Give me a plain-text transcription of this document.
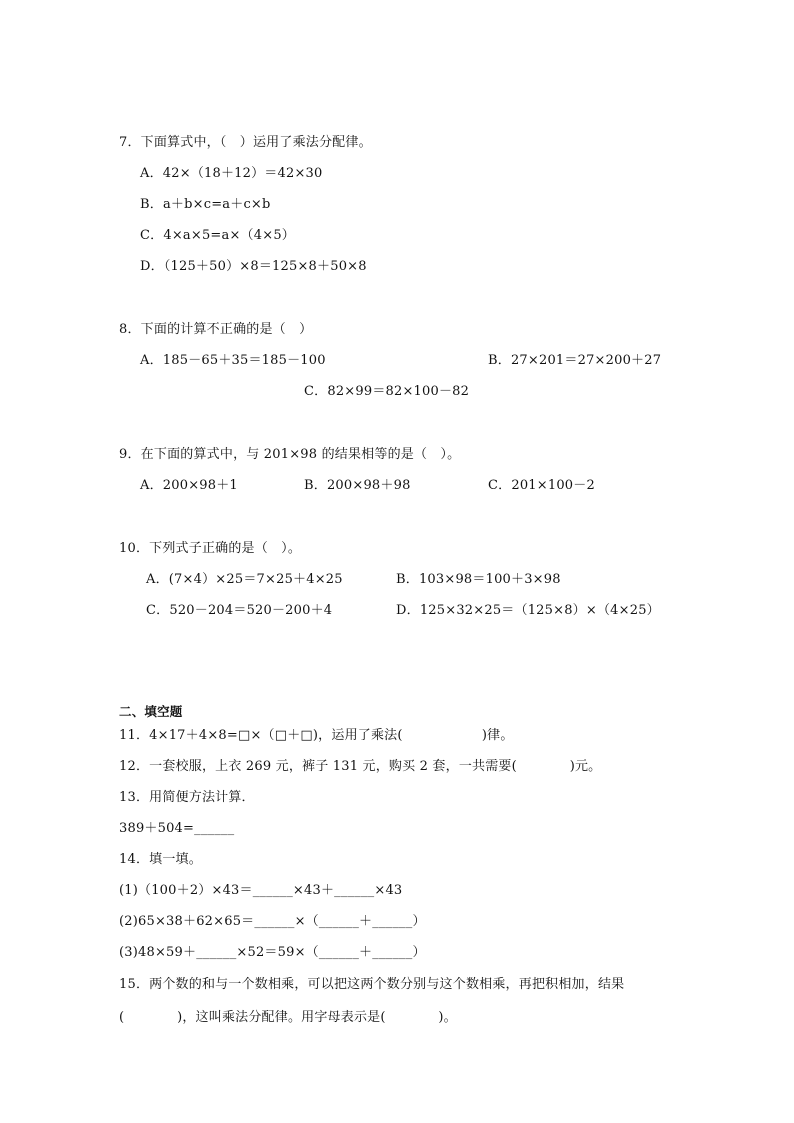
7．下面算式中，（　）运用了乘法分配律。
A．42×（18＋12）＝42×30
B．a＋b×c=a＋c×b
C．4×a×5=a×（4×5）
D．（125＋50）×8＝125×8＋50×8
8．下面的计算不正确的是（　）
A．185－65＋35＝185－100	B．27×201＝27×200＋27
C．82×99＝82×100－82
9．在下面的算式中，与 201×98 的结果相等的是（　）。
A．200×98＋1	B．200×98＋98	C．201×100－2
10．下列式子正确的是（　）。
A．(7×4）×25＝7×25＋4×25	B．103×98＝100＋3×98
C．520－204＝520－200＋4	D．125×32×25＝（125×8）×（4×25）
二、填空题
11．4×17＋4×8=□×（□＋□)，运用了乘法(　　　　　　)律。
12．一套校服，上衣 269 元，裤子 131 元，购买 2 套，一共需要(　　　　)元。
13．用简便方法计算．
389＋504=______
14．填一填。
(1)（100＋2）×43＝______×43＋______×43
(2)65×38＋62×65＝______×（______＋______）
(3)48×59＋______×52＝59×（______＋______）
15．两个数的和与一个数相乘，可以把这两个数分别与这个数相乘，再把积相加，结果
(　　　　)，这叫乘法分配律。用字母表示是(　　　　)。
